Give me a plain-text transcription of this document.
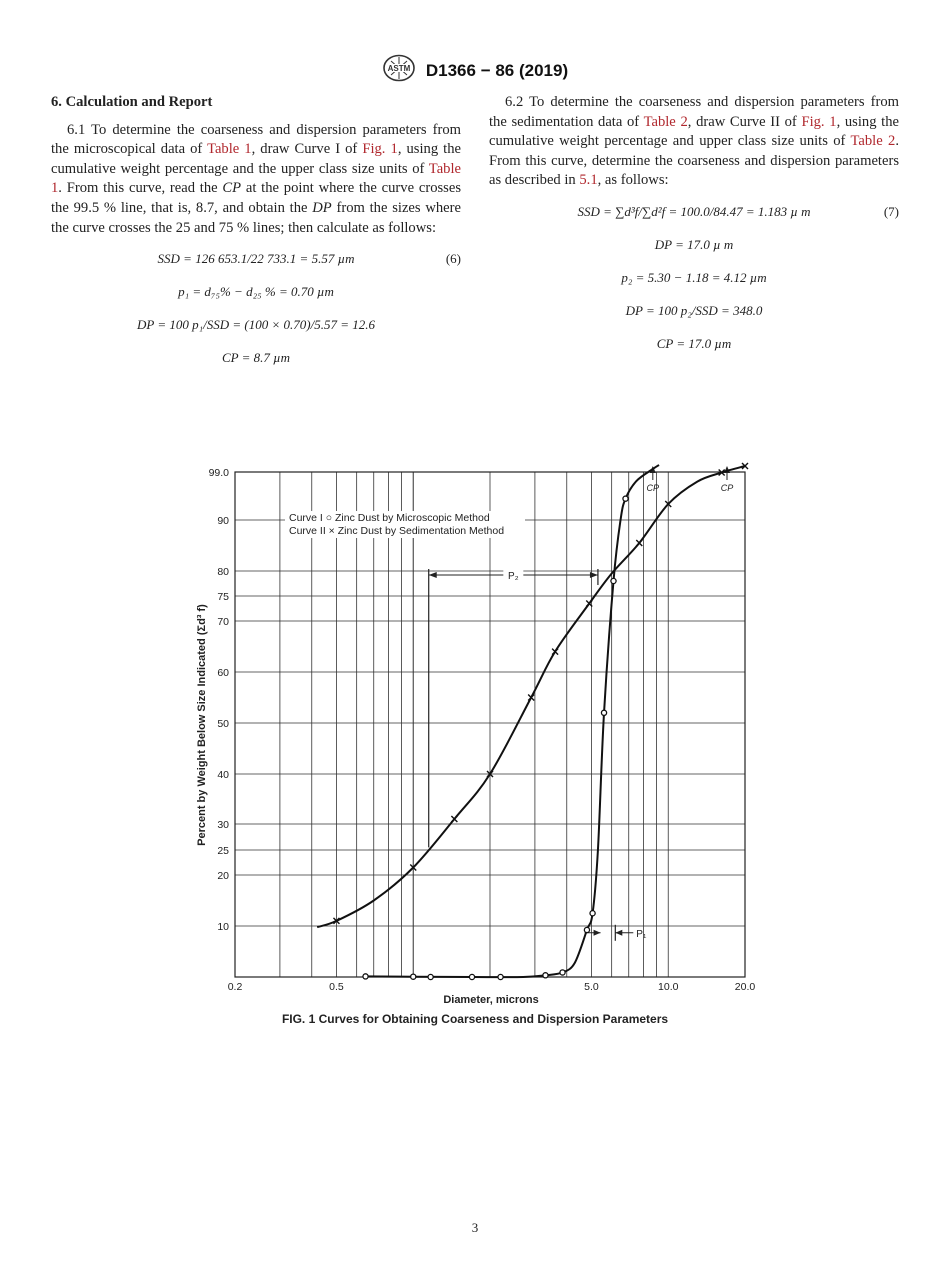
ASTM D1366 − 86 (2019)
6. Calculation and Report

6.1 To determine the coarseness and dispersion parameters from the microscopical data of Table 1, draw Curve I of Fig. 1, using the cumulative weight percentage and the upper class size units of Table 1. From this curve, read the CP at the point where the curve crosses the 99.5 % line, that is, 8.7, and obtain the DP from the sizes where the curve crosses the 25 and 75 % lines; then calculate as follows:

SSD = 126 653.1/22 733.1 = 5.57 µm	(6)
p₁ = d₇₅% − d₂₅ % = 0.70 µm
DP = 100 p₁/SSD = (100 × 0.70)/5.57 = 12.6
CP = 8.7 µm

6.2 To determine the coarseness and dispersion parameters from the sedimentation data of Table 2, draw Curve II of Fig. 1, using the cumulative weight percentage and upper class size units of Table 2. From this curve, determine the coarseness and dispersion parameters as described in 5.1, as follows:

SSD = ∑d³f/∑d²f = 100.0/84.47 = 1.183 µ m	(7)
DP = 17.0 µ m
p₂ = 5.30 − 1.18 = 4.12 µm
DP = 100 p₂/SSD = 348.0
CP = 17.0 µm
P₂
P₁
CP	CP
10
20
25
30
40
50
60
70
75
80
90
99.0
0.2	0.5	5.0	10.0	20.0
Diameter, microns
Percent by Weight Below Size Indicated (Σd³ f)
Curve I ○ Zinc Dust by Microscopic Method
Curve II × Zinc Dust by Sedimentation Method
FIG. 1 Curves for Obtaining Coarseness and Dispersion Parameters
3
